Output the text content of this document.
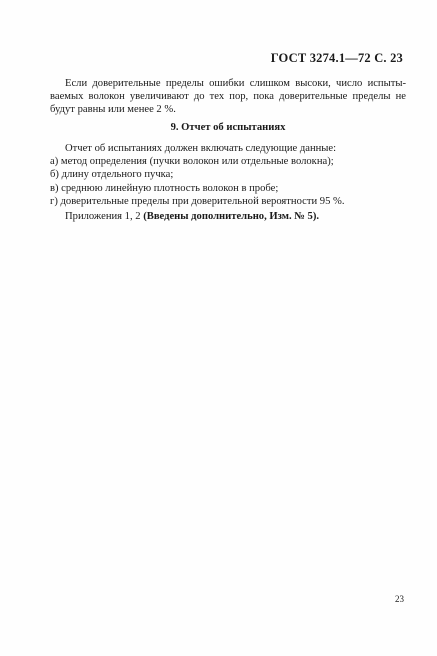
ГОСТ 3274.1—72 С. 23
Если доверительные пределы ошибки слишком высоки, число испыты-ваемых волокон увеличивают до тех пор, пока доверительные пределы не будут равны или менее 2 %.
9. Отчет об испытаниях
Отчет об испытаниях должен включать следующие данные:
а) метод определения (пучки волокон или отдельные волокна);
б) длину отдельного пучка;
в) среднюю линейную плотность волокон в пробе;
г) доверительные пределы при доверительной вероятности 95 %.
Приложения 1, 2 (Введены дополнительно, Изм. № 5).
23
